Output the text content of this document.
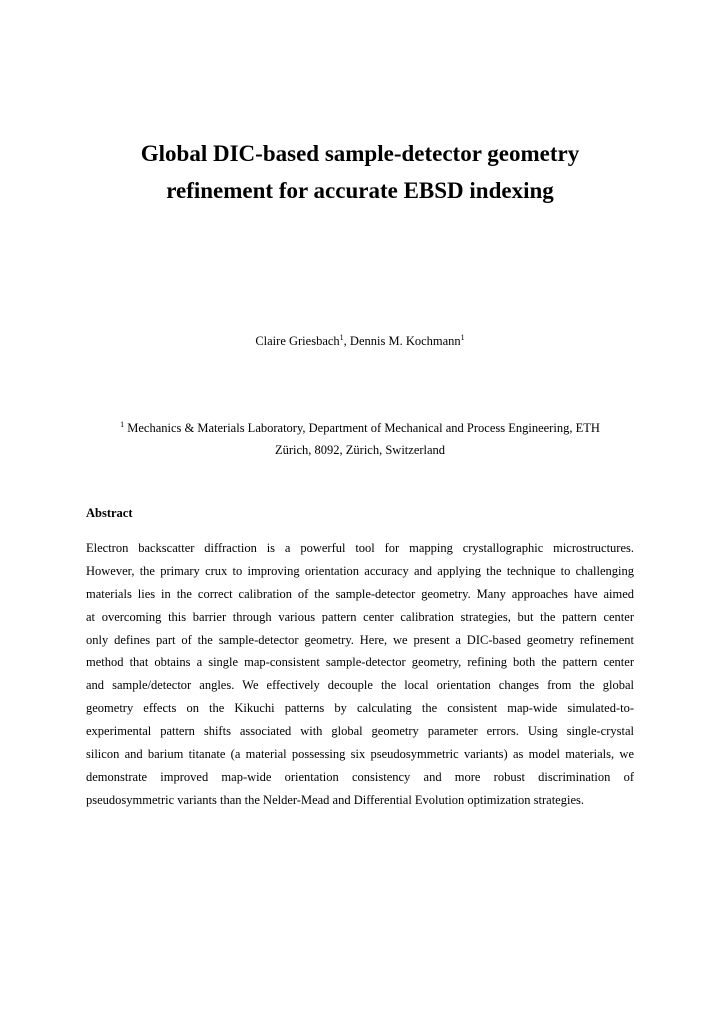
Global DIC-based sample-detector geometry
refinement for accurate EBSD indexing
Claire Griesbach$^1$, Dennis M. Kochmann$^1$
$^1$ Mechanics & Materials Laboratory, Department of Mechanical and Process Engineering, ETH
Zürich, 8092, Zürich, Switzerland
Abstract
Electron backscatter diffraction is a powerful tool for mapping crystallographic microstructures.
However, the primary crux to improving orientation accuracy and applying the technique to challenging
materials lies in the correct calibration of the sample-detector geometry. Many approaches have aimed
at overcoming this barrier through various pattern center calibration strategies, but the pattern center
only defines part of the sample-detector geometry. Here, we present a DIC-based geometry refinement
method that obtains a single map-consistent sample-detector geometry, refining both the pattern center
and sample/detector angles. We effectively decouple the local orientation changes from the global
geometry effects on the Kikuchi patterns by calculating the consistent map-wide simulated-to-
experimental pattern shifts associated with global geometry parameter errors. Using single-crystal
silicon and barium titanate (a material possessing six pseudosymmetric variants) as model materials, we
demonstrate improved map-wide orientation consistency and more robust discrimination of
pseudosymmetric variants than the Nelder-Mead and Differential Evolution optimization strategies.
